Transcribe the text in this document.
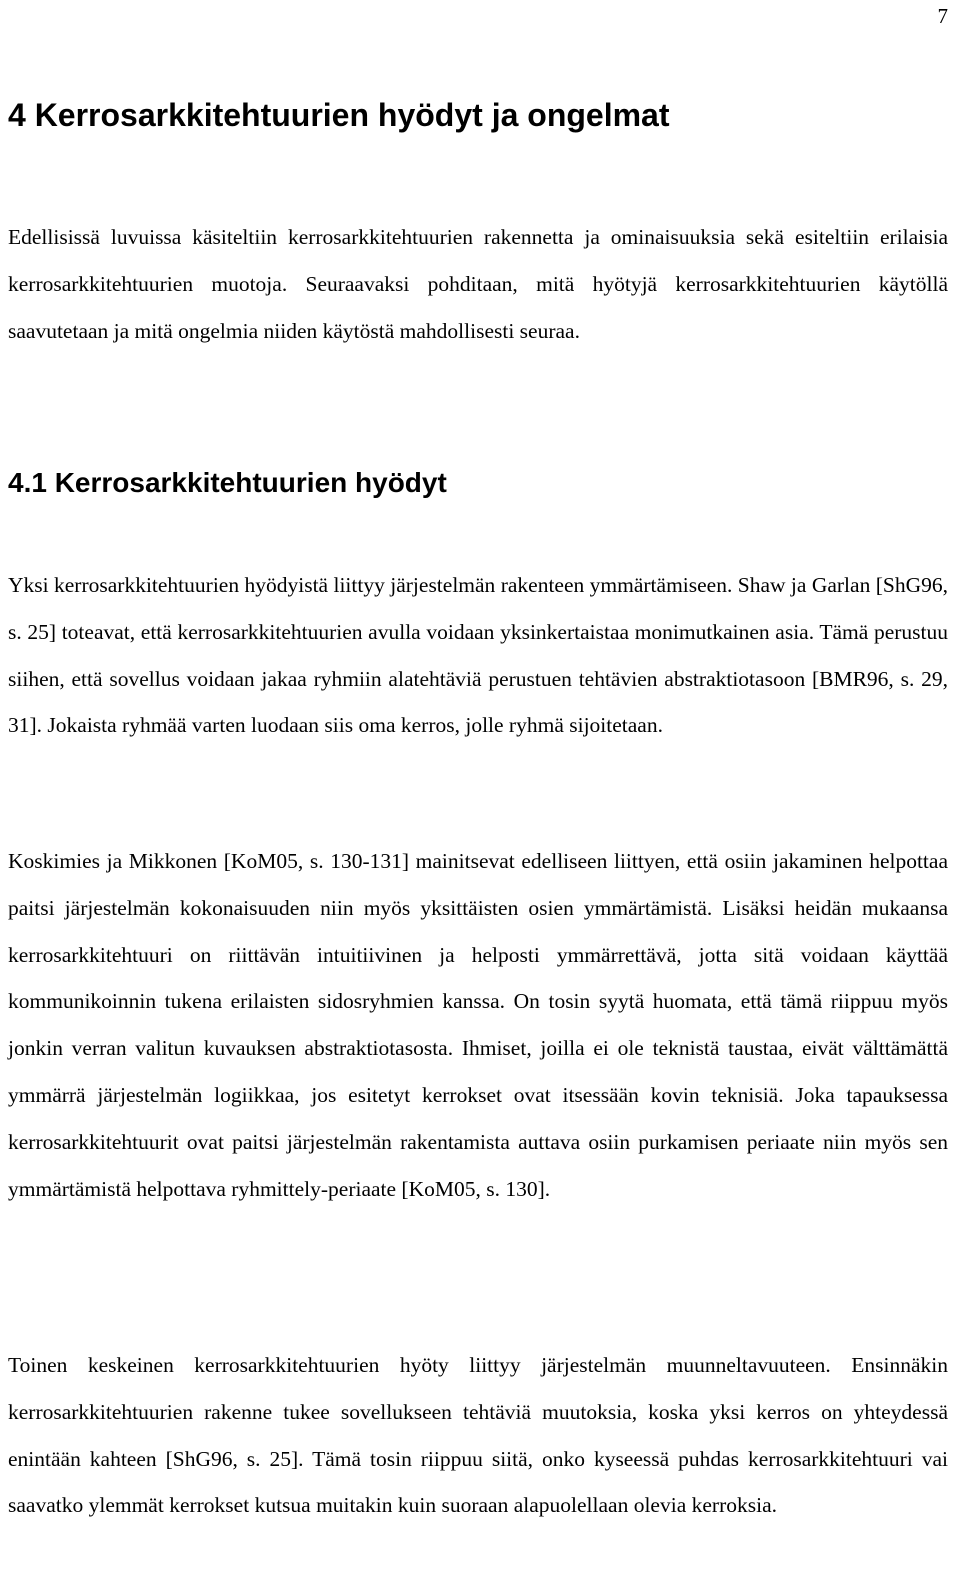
7
4 Kerrosarkkitehtuurien hyödyt ja ongelmat

Edellisissä luvuissa käsiteltiin kerrosarkkitehtuurien rakennetta ja ominaisuuksia sekä esiteltiin erilaisia kerrosarkkitehtuurien muotoja. Seuraavaksi pohditaan, mitä hyötyjä kerrosarkkitehtuurien käytöllä saavutetaan ja mitä ongelmia niiden käytöstä mahdollisesti seuraa.

4.1 Kerrosarkkitehtuurien hyödyt

Yksi kerrosarkkitehtuurien hyödyistä liittyy järjestelmän rakenteen ymmärtämiseen. Shaw ja Garlan [ShG96, s. 25] toteavat, että kerrosarkkitehtuurien avulla voidaan yksinkertaistaa monimutkainen asia. Tämä perustuu siihen, että sovellus voidaan jakaa ryhmiin alatehtäviä perustuen tehtävien abstraktiotasoon [BMR96, s. 29, 31]. Jokaista ryhmää varten luodaan siis oma kerros, jolle ryhmä sijoitetaan.

Koskimies ja Mikkonen [KoM05, s. 130-131] mainitsevat edelliseen liittyen, että osiin jakaminen helpottaa paitsi järjestelmän kokonaisuuden niin myös yksittäisten osien ymmärtämistä. Lisäksi heidän mukaansa kerrosarkkitehtuuri on riittävän intuitiivinen ja helposti ymmärrettävä, jotta sitä voidaan käyttää kommunikoinnin tukena erilaisten sidosryhmien kanssa. On tosin syytä huomata, että tämä riippuu myös jonkin verran valitun kuvauksen abstraktiotasosta. Ihmiset, joilla ei ole teknistä taustaa, eivät välttämättä ymmärrä järjestelmän logiikkaa, jos esitetyt kerrokset ovat itsessään kovin teknisiä. Joka tapauksessa kerrosarkkitehtuurit ovat paitsi järjestelmän rakentamista auttava osiin purkamisen periaate niin myös sen ymmärtämistä helpottava ryhmittely-periaate [KoM05, s. 130].

Toinen keskeinen kerrosarkkitehtuurien hyöty liittyy järjestelmän muunneltavuuteen. Ensinnäkin kerrosarkkitehtuurien rakenne tukee sovellukseen tehtäviä muutoksia, koska yksi kerros on yhteydessä enintään kahteen [ShG96, s. 25]. Tämä tosin riippuu siitä, onko kyseessä puhdas kerrosarkkitehtuuri vai saavatko ylemmät kerrokset kutsua muitakin kuin suoraan alapuolellaan olevia kerroksia.
